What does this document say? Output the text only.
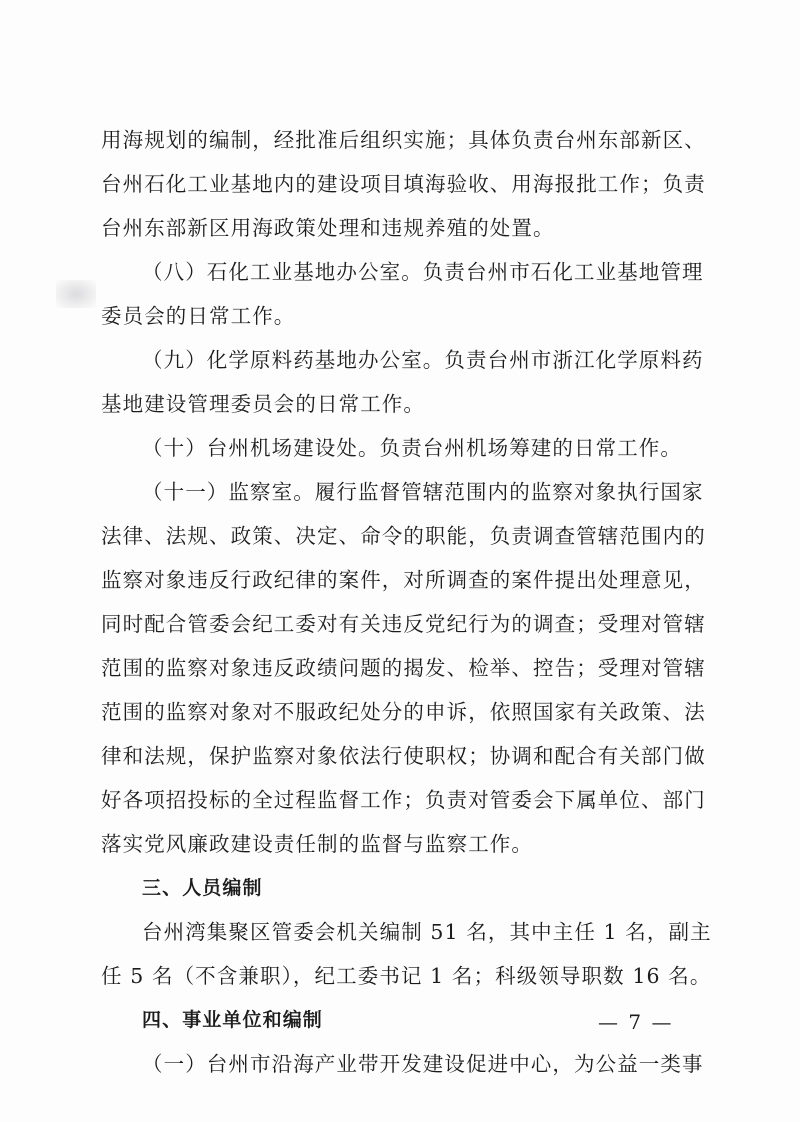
用海规划的编制，经批准后组织实施；具体负责台州东部新区、
台州石化工业基地内的建设项目填海验收、用海报批工作；负责
台州东部新区用海政策处理和违规养殖的处置。
（八）石化工业基地办公室。负责台州市石化工业基地管理
委员会的日常工作。
（九）化学原料药基地办公室。负责台州市浙江化学原料药
基地建设管理委员会的日常工作。
（十）台州机场建设处。负责台州机场筹建的日常工作。
（十一）监察室。履行监督管辖范围内的监察对象执行国家
法律、法规、政策、决定、命令的职能，负责调查管辖范围内的
监察对象违反行政纪律的案件，对所调查的案件提出处理意见，
同时配合管委会纪工委对有关违反党纪行为的调查；受理对管辖
范围的监察对象违反政绩问题的揭发、检举、控告；受理对管辖
范围的监察对象对不服政纪处分的申诉，依照国家有关政策、法
律和法规，保护监察对象依法行使职权；协调和配合有关部门做
好各项招投标的全过程监督工作；负责对管委会下属单位、部门
落实党风廉政建设责任制的监督与监察工作。
三、人员编制
台州湾集聚区管委会机关编制 51 名，其中主任 1 名，副主
任 5 名（不含兼职），纪工委书记 1 名；科级领导职数 16 名。
四、事业单位和编制
（一）台州市沿海产业带开发建设促进中心，为公益一类事
— 7 —
